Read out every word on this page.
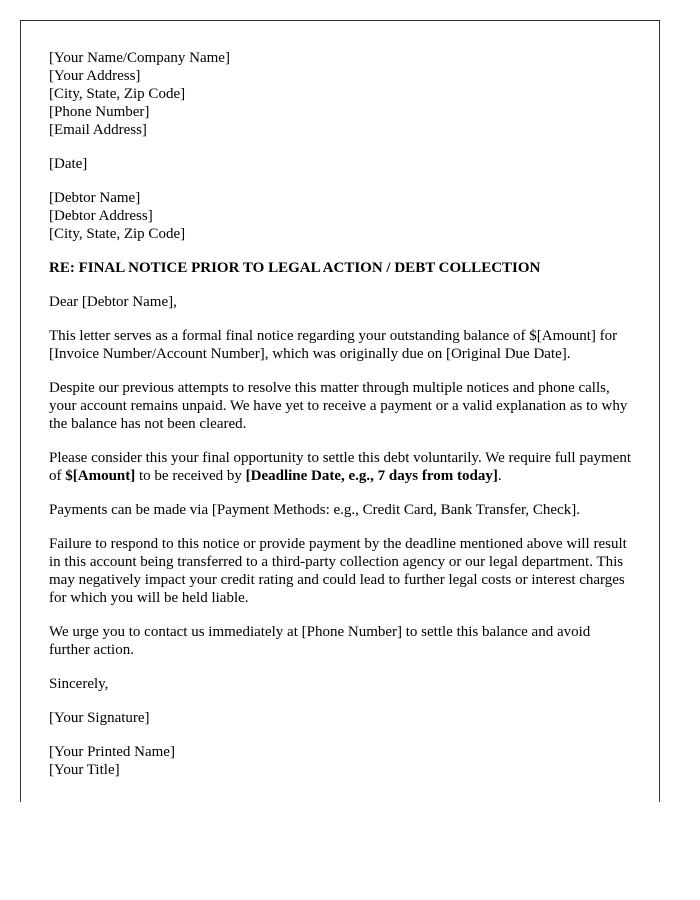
[Your Name/Company Name]
[Your Address]
[City, State, Zip Code]
[Phone Number]
[Email Address]
[Date]
[Debtor Name]
[Debtor Address]
[City, State, Zip Code]

RE: FINAL NOTICE PRIOR TO LEGAL ACTION / DEBT COLLECTION

Dear [Debtor Name],

This letter serves as a formal final notice regarding your outstanding balance of $[Amount] for [Invoice Number/Account Number], which was originally due on [Original Due Date].

Despite our previous attempts to resolve this matter through multiple notices and phone calls, your account remains unpaid. We have yet to receive a payment or a valid explanation as to why the balance has not been cleared.

Please consider this your final opportunity to settle this debt voluntarily. We require full payment of $[Amount] to be received by [Deadline Date, e.g., 7 days from today].

Payments can be made via [Payment Methods: e.g., Credit Card, Bank Transfer, Check].

Failure to respond to this notice or provide payment by the deadline mentioned above will result in this account being transferred to a third-party collection agency or our legal department. This may negatively impact your credit rating and could lead to further legal costs or interest charges for which you will be held liable.

We urge you to contact us immediately at [Phone Number] to settle this balance and avoid further action.

Sincerely,

[Your Signature]

[Your Printed Name]
[Your Title]
